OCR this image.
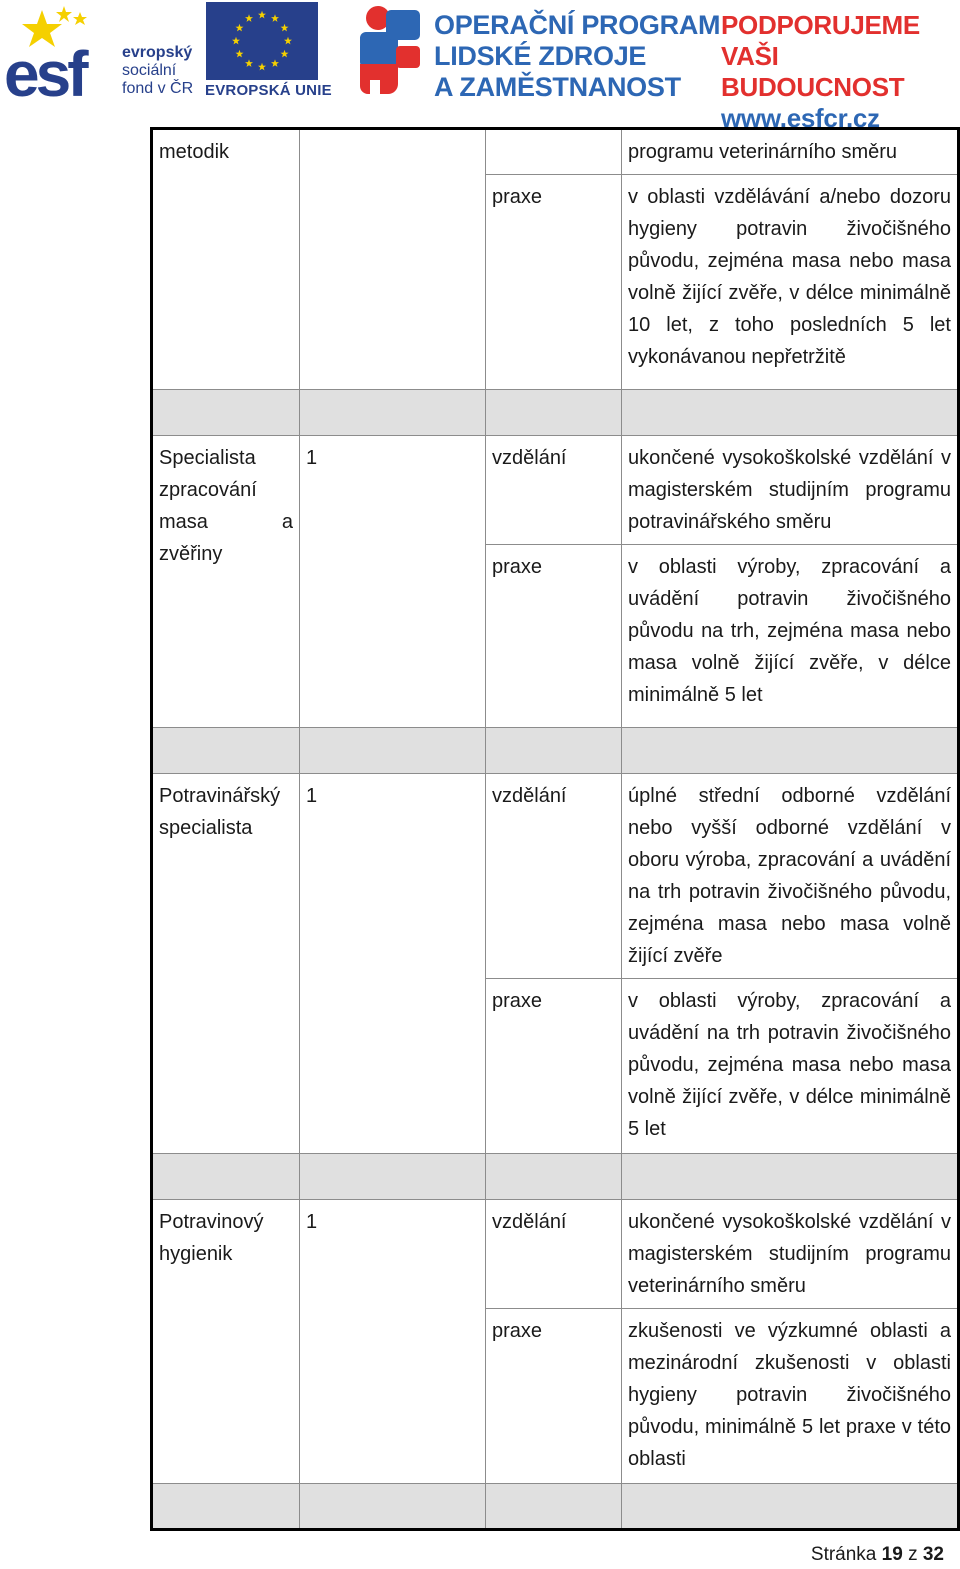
esf evropský
sociální
fond v ČR EVROPSKÁ UNIE
OPERAČNÍ PROGRAM
LIDSKÉ ZDROJE
A ZAMĚSTNANOST
PODPORUJEME
VAŠI BUDOUCNOST
www.esfcr.cz
metodik			programu veterinárního směru
		praxe	v oblasti vzdělávání a/nebo dozoru hygieny potravin živočišného původu, zejména masa nebo masa volně žijící zvěře, v délce minimálně 10 let, z toho posledních 5 let vykonávanou nepřetržitě

Specialista zpracování masa a zvěřiny	1	vzdělání	ukončené vysokoškolské vzdělání v magisterském studijním programu potravinářského směru
		praxe	v oblasti výroby, zpracování a uvádění potravin živočišného původu na trh, zejména masa nebo masa volně žijící zvěře, v délce minimálně 5 let

Potravinářský specialista	1	vzdělání	úplné střední odborné vzdělání nebo vyšší odborné vzdělání v oboru výroba, zpracování a uvádění na trh potravin živočišného původu, zejména masa nebo masa volně žijící zvěře
		praxe	v oblasti výroby, zpracování a uvádění na trh potravin živočišného původu, zejména masa nebo masa volně žijící zvěře, v délce minimálně 5 let

Potravinový hygienik	1	vzdělání	ukončené vysokoškolské vzdělání v magisterském studijním programu veterinárního směru
		praxe	zkušenosti ve výzkumné oblasti a mezinárodní zkušenosti v oblasti hygieny potravin živočišného původu, minimálně 5 let praxe v této oblasti

Stránka 19 z 32
